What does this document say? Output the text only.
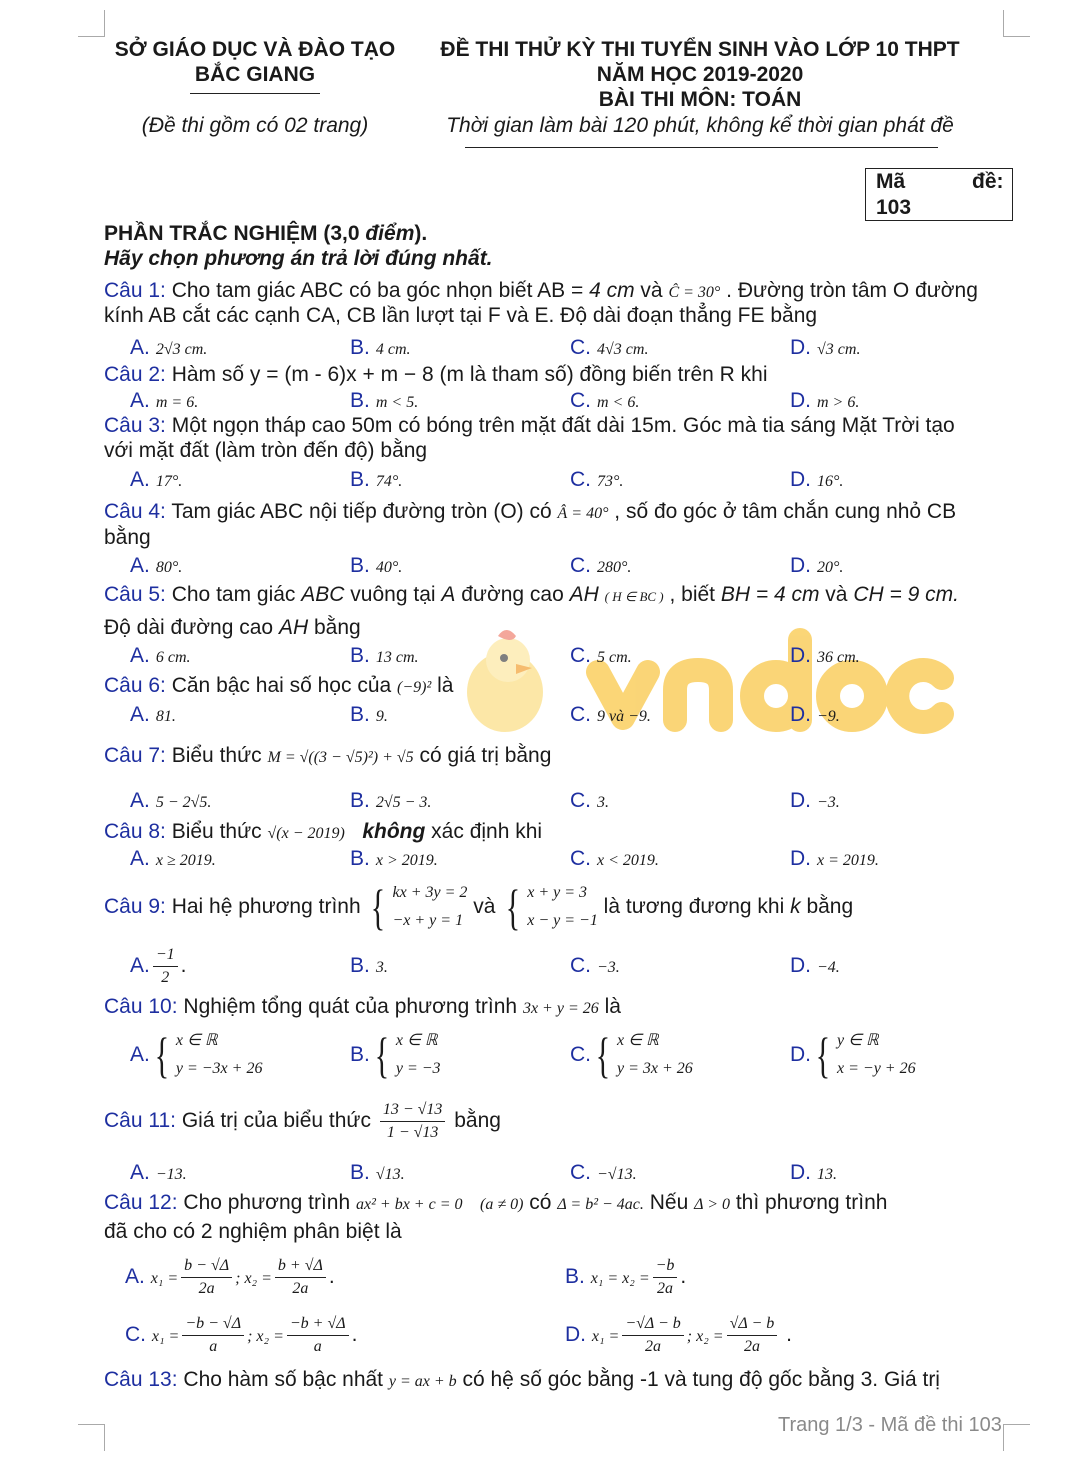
SỞ GIÁO DỤC VÀ ĐÀO TẠO
BẮC GIANG
(Đề thi gồm có 02 trang)
ĐỀ THI THỬ KỲ THI TUYỂN SINH VÀO LỚP 10 THPT
NĂM HỌC 2019-2020
BÀI THI MÔN: TOÁN
Thời gian làm bài 120 phút, không kể thời gian phát đề
Mã	đề:
103
PHẦN TRẮC NGHIỆM (3,0 điểm).
Hãy chọn phương án trả lời đúng nhất.
Câu 1: Cho tam giác ABC có ba góc nhọn biết AB = 4 cm và Ĉ = 30° . Đường tròn tâm O đường
kính AB cắt các cạnh CA, CB lần lượt tại F và E. Độ dài đoạn thẳng FE bằng
A. 2√3 cm.	B. 4 cm.	C. 4√3 cm.	D. √3 cm.
Câu 2: Hàm số y = (m - 6)x + m − 8 (m là tham số) đồng biến trên R khi
A. m = 6.	B. m < 5.	C. m < 6.	D. m > 6.
Câu 3: Một ngọn tháp cao 50m có bóng trên mặt đất dài 15m. Góc mà tia sáng Mặt Trời tạo
với mặt đất (làm tròn đến độ) bằng
A. 17°.	B. 74°.	C. 73°.	D. 16°.
Câu 4: Tam giác ABC nội tiếp đường tròn (O) có Â = 40° , số đo góc ở tâm chắn cung nhỏ CB
bằng
A. 80°.	B. 40°.	C. 280°.	D. 20°.
Câu 5: Cho tam giác ABC vuông tại A đường cao AH ( H ∈ BC ) , biết BH = 4 cm và CH = 9 cm.
Độ dài đường cao AH bằng
A. 6 cm.	B. 13 cm.	C. 5 cm.	D. 36 cm.
Câu 6: Căn bậc hai số học của (−9)² là
A. 81.	B. 9.	C. 9 và −9.	D. −9.
Câu 7: Biểu thức M = √((3 − √5)²) + √5 có giá trị bằng
A. 5 − 2√5.	B. 2√5 − 3.	C. 3.	D. −3.
Câu 8: Biểu thức √(x − 2019) không xác định khi
A. x ≥ 2019.	B. x > 2019.	C. x < 2019.	D. x = 2019.
Câu 9: Hai hệ phương trình { kx + 3y = 2
−x + y = 1
và { x + y = 3
x − y = −1
là tương đương khi k bằng
A. $\frac{-1}{2}$ .	B. 3.	C. −3.	D. −4.
Câu 10: Nghiệm tổng quát của phương trình 3x + y = 26 là
A. { x ∈ ℝ
y = −3x + 26
B. { x ∈ ℝ
y = −3
C. { x ∈ ℝ
y = 3x + 26
D. { y ∈ ℝ
x = −y + 26
Câu 11: Giá trị của biểu thức $\frac{13 - √13}{1 - √13}$ bằng
A. −13.	B. √13.	C. −√13.	D. 13.
Câu 12: Cho phương trình ax² + bx + c = 0 (a ≠ 0) có Δ = b² − 4ac. Nếu Δ > 0 thì phương trình
đã cho có 2 nghiệm phân biệt là
A. $x_1 = \frac{b - √\Delta}{2a}$ ; $x_2 = \frac{b + √\Delta}{2a}$ .	B. $x_1 = x_2 = \frac{-b}{2a}$ .
C. $x_1 = \frac{-b - √\Delta}{a}$ ; $x_2 = \frac{-b + √\Delta}{a}$ .	D. $x_1 = \frac{-√\Delta - b}{2a}$ ; $x_2 = \frac{√\Delta - b}{2a}$ .
Câu 13: Cho hàm số bậc nhất y = ax + b có hệ số góc bằng -1 và tung độ gốc bằng 3. Giá trị
Trang 1/3 - Mã đề thi 103
